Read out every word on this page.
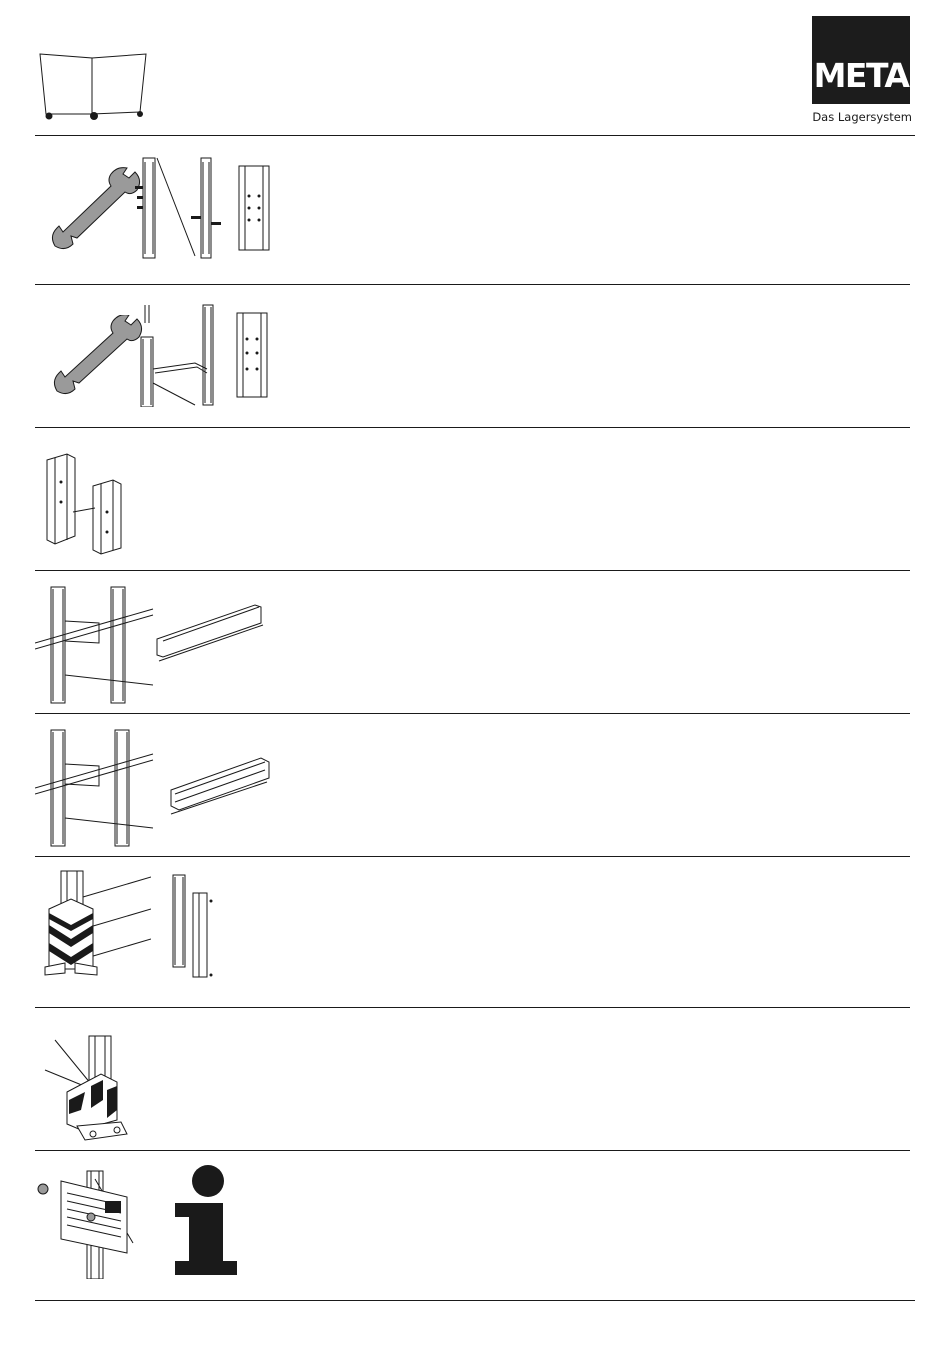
META
Das Lagersystem
